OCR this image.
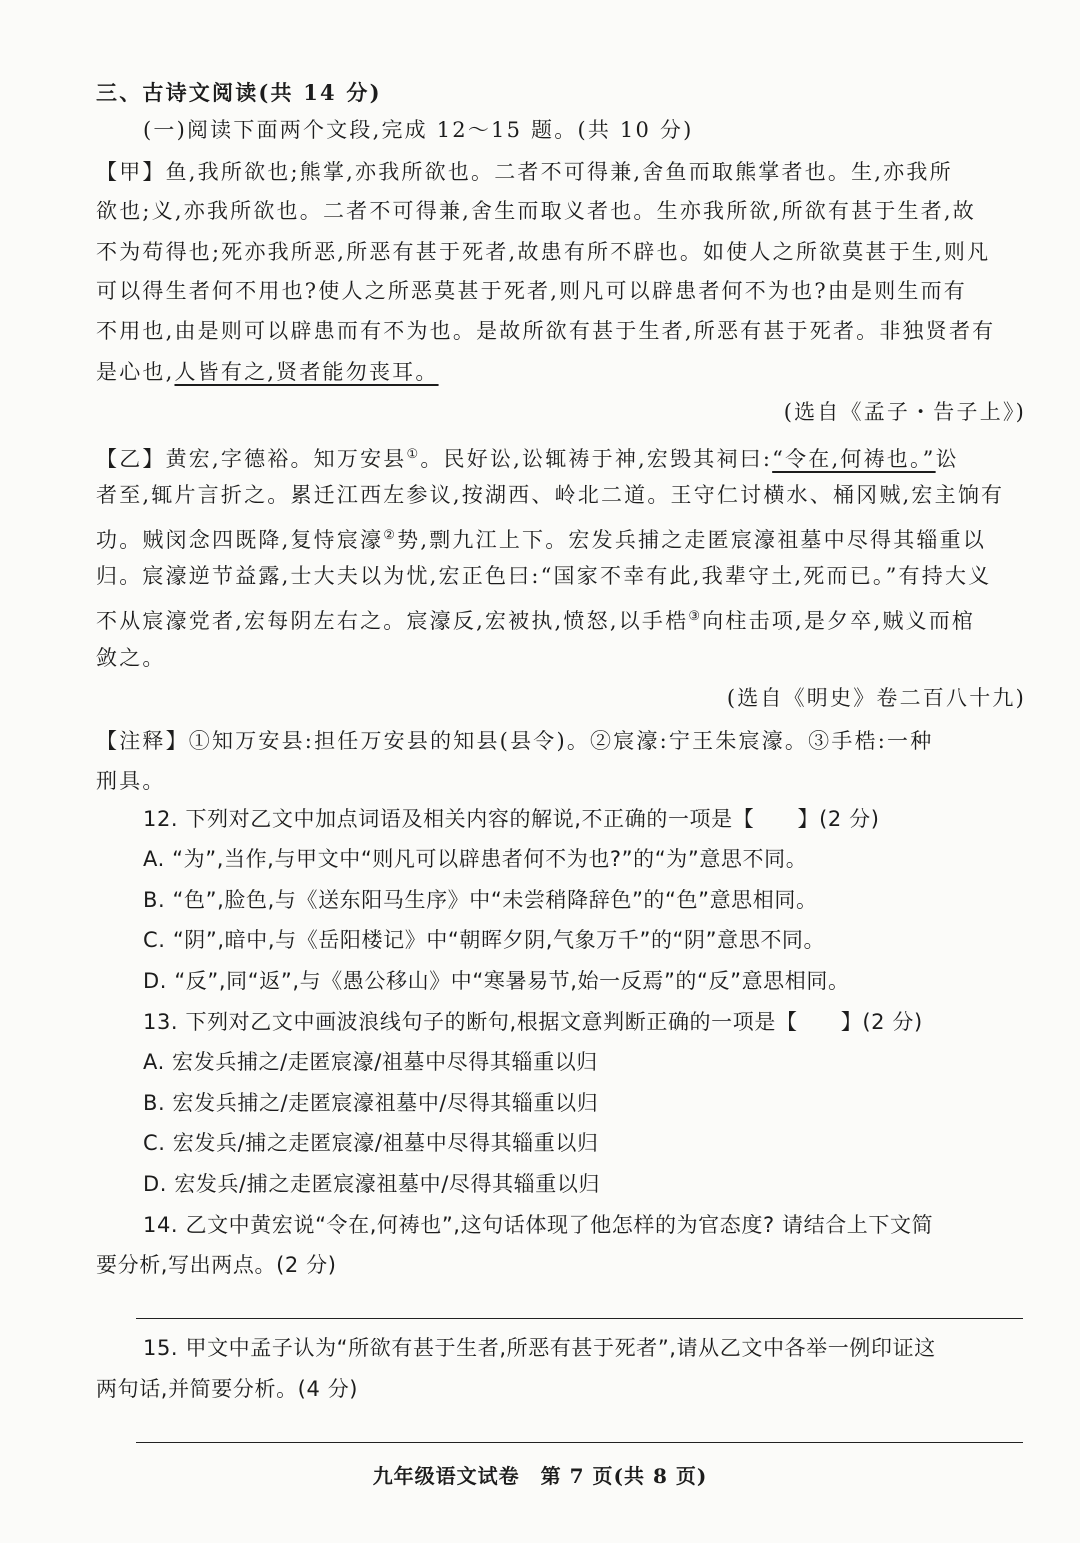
三、古诗文阅读(共 14 分)
(一)阅读下面两个文段,完成 12～15 题。(共 10 分)
【甲】鱼,我所欲也;熊掌,亦我所欲也。二者不可得兼,舍鱼而取熊掌者也。生,亦我所
欲也;义,亦我所欲也。二者不可得兼,舍生而取义者也。生亦我所欲,所欲有甚于生者,故
不为苟得也;死亦我所恶,所恶有甚于死者,故患有所不辟也。如使人之所欲莫甚于生,则凡
可以得生者何不用也?使人之所恶莫甚于死者,则凡可以辟患者何不为也?由是则生而有
不用也,由是则可以辟患而有不为也。是故所欲有甚于生者,所恶有甚于死者。非独贤者有
是心也,人皆有之,贤者能勿丧耳。
(选自《孟子・告子上》)
【乙】黄宏,字德裕。知万安县①。民好讼,讼辄祷于神,宏毁其祠曰:“令在,何祷也。”讼
者至,辄片言折之。累迁江西左参议,按湖西、岭北二道。王守仁讨横水、桶冈贼,宏主饷有
功。贼闵念四既降,复恃宸濠②势,剽九江上下。宏发兵捕之走匿宸濠祖墓中尽得其辎重以
归。宸濠逆节益露,士大夫以为忧,宏正色曰:“国家不幸有此,我辈守土,死而已。”有持大义
不从宸濠党者,宏每阴左右之。宸濠反,宏被执,愤怒,以手梏③向柱击项,是夕卒,贼义而棺
敛之。
(选自《明史》卷二百八十九)
【注释】①知万安县:担任万安县的知县(县令)。②宸濠:宁王朱宸濠。③手梏:一种
刑具。
12. 下列对乙文中加点词语及相关内容的解说,不正确的一项是【　　】(2 分)
A. “为”,当作,与甲文中“则凡可以辟患者何不为也?”的“为”意思不同。
B. “色”,脸色,与《送东阳马生序》中“未尝稍降辞色”的“色”意思相同。
C. “阴”,暗中,与《岳阳楼记》中“朝晖夕阴,气象万千”的“阴”意思不同。
D. “反”,同“返”,与《愚公移山》中“寒暑易节,始一反焉”的“反”意思相同。
13. 下列对乙文中画波浪线句子的断句,根据文意判断正确的一项是【　　】(2 分)
A. 宏发兵捕之/走匿宸濠/祖墓中尽得其辎重以归
B. 宏发兵捕之/走匿宸濠祖墓中/尽得其辎重以归
C. 宏发兵/捕之走匿宸濠/祖墓中尽得其辎重以归
D. 宏发兵/捕之走匿宸濠祖墓中/尽得其辎重以归
14. 乙文中黄宏说“令在,何祷也”,这句话体现了他怎样的为官态度? 请结合上下文简
要分析,写出两点。(2 分)
15. 甲文中孟子认为“所欲有甚于生者,所恶有甚于死者”,请从乙文中各举一例印证这
两句话,并简要分析。(4 分)
九年级语文试卷　第 7 页(共 8 页)
